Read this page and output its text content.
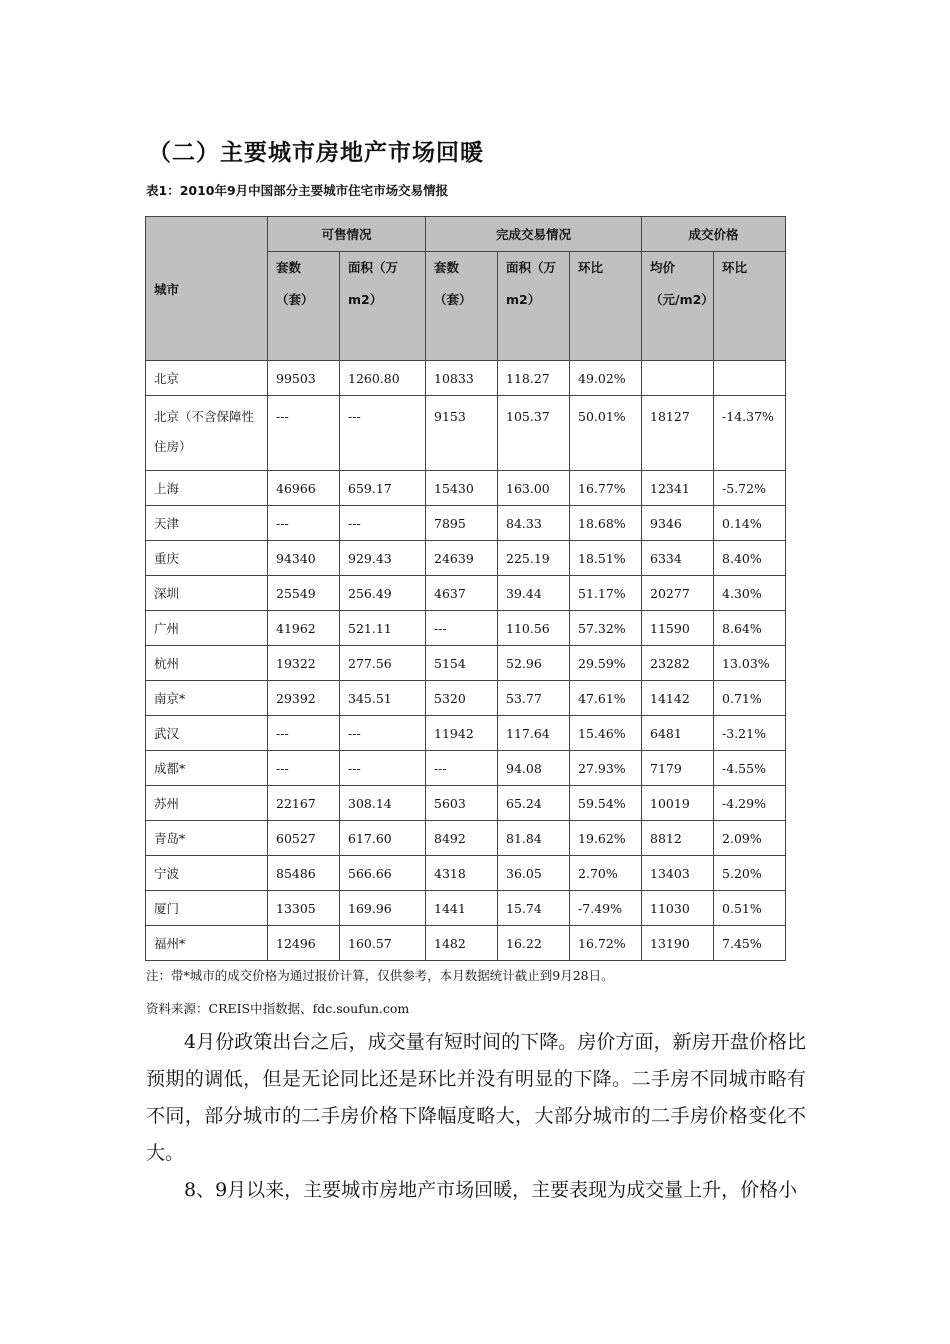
（二）主要城市房地产市场回暖
表1：2010年9月中国部分主要城市住宅市场交易情报
城市	可售情况		完成交易情况			成交价格	
	套数（套）	面积（万m2）	套数（套）	面积（万m2）	环比	均价（元/m2）	环比
北京	99503	1260.80	10833	118.27	49.02%		
北京（不含保障性住房）	---	---	9153	105.37	50.01%	18127	-14.37%
上海	46966	659.17	15430	163.00	16.77%	12341	-5.72%
天津	---	---	7895	84.33	18.68%	9346	0.14%
重庆	94340	929.43	24639	225.19	18.51%	6334	8.40%
深圳	25549	256.49	4637	39.44	51.17%	20277	4.30%
广州	41962	521.11	---	110.56	57.32%	11590	8.64%
杭州	19322	277.56	5154	52.96	29.59%	23282	13.03%
南京*	29392	345.51	5320	53.77	47.61%	14142	0.71%
武汉	---	---	11942	117.64	15.46%	6481	-3.21%
成都*	---	---	---	94.08	27.93%	7179	-4.55%
苏州	22167	308.14	5603	65.24	59.54%	10019	-4.29%
青岛*	60527	617.60	8492	81.84	19.62%	8812	2.09%
宁波	85486	566.66	4318	36.05	2.70%	13403	5.20%
厦门	13305	169.96	1441	15.74	-7.49%	11030	0.51%
福州*	12496	160.57	1482	16.22	16.72%	13190	7.45%
注：带*城市的成交价格为通过报价计算，仅供参考，本月数据统计截止到9月28日。
资料来源：CREIS中指数据、fdc.soufun.com
4月份政策出台之后，成交量有短时间的下降。房价方面，新房开盘价格比预期的调低，但是无论同比还是环比并没有明显的下降。二手房不同城市略有不同，部分城市的二手房价格下降幅度略大，大部分城市的二手房价格变化不大。
8、9月以来，主要城市房地产市场回暖，主要表现为成交量上升，价格小
